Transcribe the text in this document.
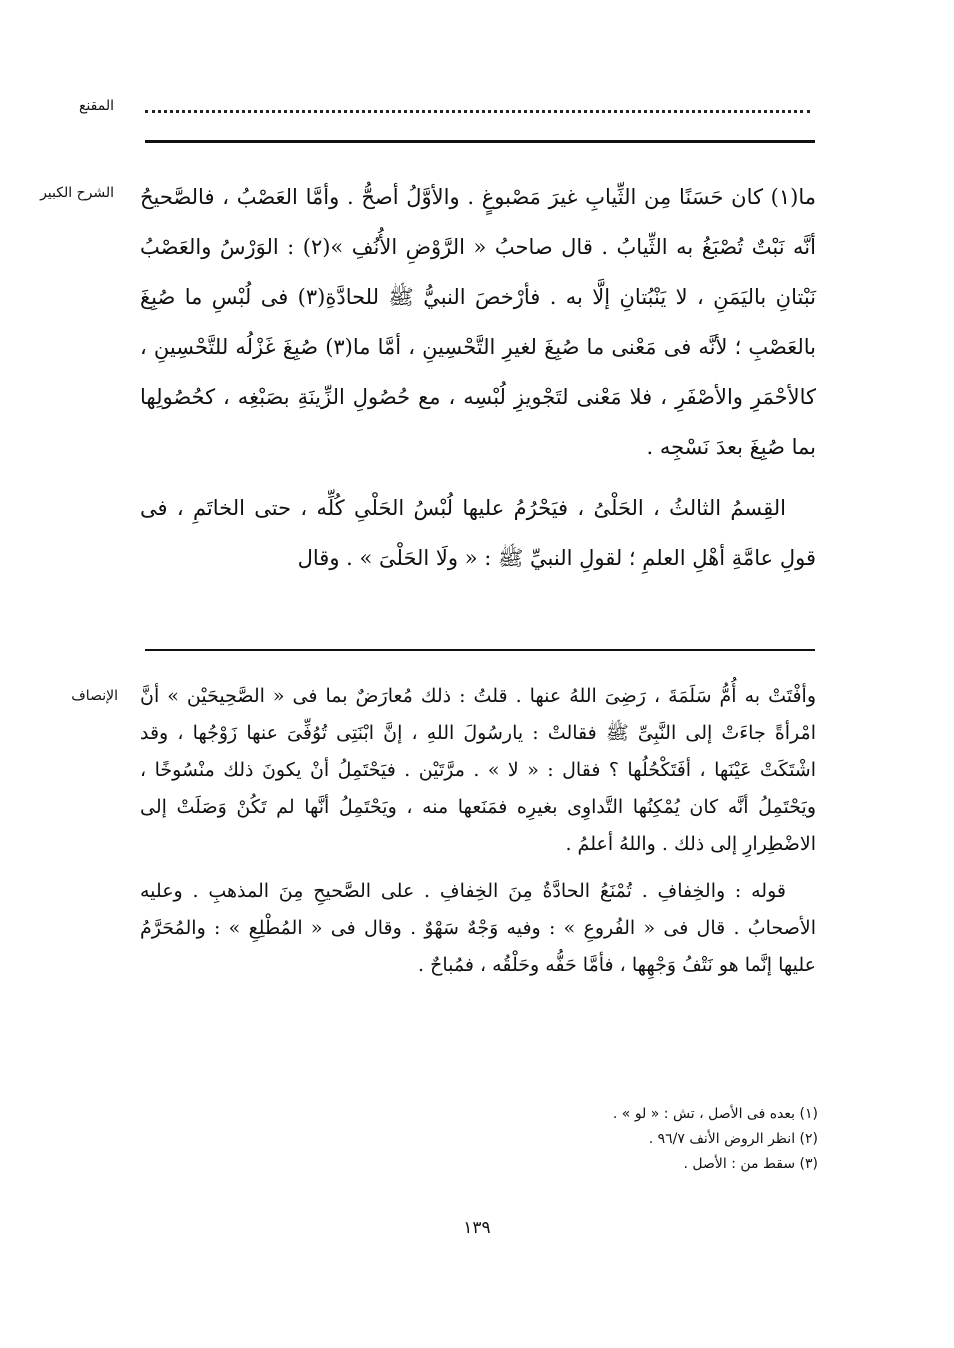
المقنع
الشرح الكبير ما(١) كان حَسَنًا مِن الثِّيابِ غيرَ مَصْبوغٍ . والأوَّلُ أصحُّ . وأمَّا العَصْبُ ، فالصَّحيحُ أنَّه نَبْتٌ تُصْبَغُ به الثِّيابُ . قال صاحبُ « الرَّوْضِ الأُنُفِ »(٢) : الوَرْسُ والعَصْبُ نَبْتانِ باليَمَنِ ، لا يَنْبُتانِ إلَّا به . فأرْخصَ النبيُّ ﷺ للحادَّةِ(٣) فى لُبْسِ ما صُبِغَ بالعَصْبِ ؛ لأنَّه فى مَعْنى ما صُبِغَ لغيرِ التَّحْسِينِ ، أمَّا ما(٣) صُبِغَ غَزْلُه للتَّحْسِينِ ، كالأحْمَرِ والأصْفَرِ ، فلا مَعْنى لتَجْويزِ لُبْسِه ، مع حُصُولِ الزِّينَةِ بصَبْغِه ، كحُصُولِها بما صُبِغَ بعدَ نَسْجِه .

القِسمُ الثالثُ ، الحَلْىُ ، فيَحْرُمُ عليها لُبْسُ الحَلْىِ كُلِّه ، حتى الخاتَمِ ، فى قولِ عامَّةِ أهْلِ العلمِ ؛ لقولِ النبيِّ ﷺ : « ولَا الحَلْىَ » . وقال

الإنصاف وأفْتَتْ به أُمُّ سَلَمَةَ ، رَضِىَ اللهُ عنها . قلتُ : ذلك مُعارَضٌ بما فى « الصَّحِيحَيْن » أنَّ امْرأةً جاءَتْ إلى النَّبِىِّ ﷺ فقالتْ : يارسُولَ اللهِ ، إنَّ ابْنَتِى تُوُفِّىَ عنها زَوْجُها ، وقد اشْتَكَتْ عَيْنَها ، أفَتَكْحُلُها ؟ فقال : « لا » . مرَّتَيْن . فيَحْتَمِلُ أنْ يكونَ ذلك منْسُوخًا ، ويَحْتَمِلُ أنَّه كان يُمْكِنُها التَّداوِى بغيرِه فمَنَعها منه ، ويَحْتَمِلُ أنَّها لم تَكُنْ وَصَلَتْ إلى الاضْطِرارِ إلى ذلك . واللهُ أعلمُ .

قوله : والخِفافِ . تُمْنَعُ الحادَّةُ مِنَ الخِفافِ . على الصَّحيحِ مِنَ المذهبِ . وعليه الأصحابُ . قال فى « الفُروعِ » : وفيه وَجْهٌ سَهْوٌ . وقال فى « المُطْلِعِ » : والمُحَرَّمُ عليها إنَّما هو نَتْفُ وَجْهِها ، فأمَّا حَفُّه وحَلْقُه ، فمُباحٌ .

(١) بعده فى الأصل ، تش : « لو » .
(٢) انظر الروض الأنف ٩٦/٧ .
(٣) سقط من : الأصل .
١٣٩
